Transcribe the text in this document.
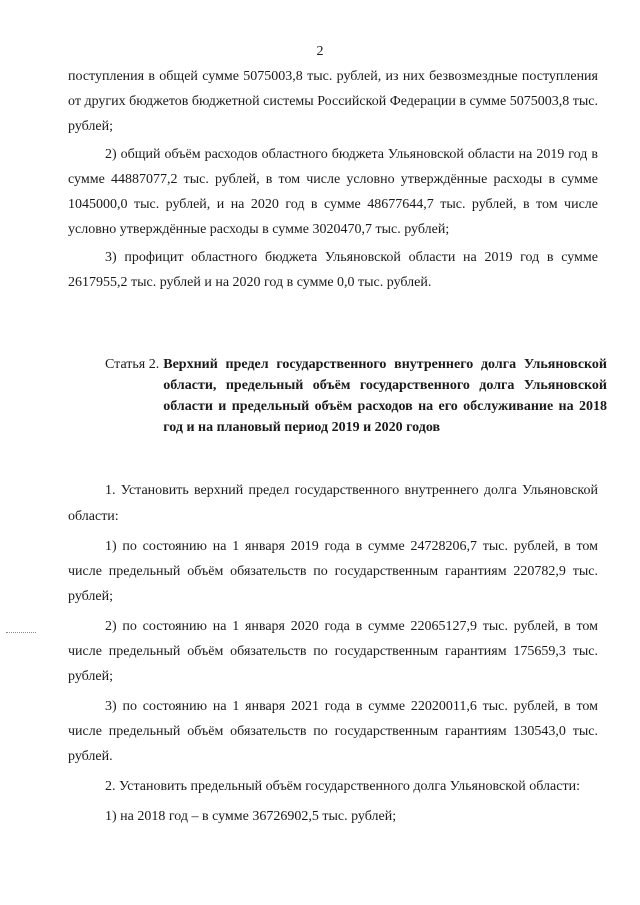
2

поступления в общей сумме 5075003,8 тыс. рублей, из них безвозмездные поступления от других бюджетов бюджетной системы Российской Федерации в сумме 5075003,8 тыс. рублей;

2) общий объём расходов областного бюджета Ульяновской области на 2019 год в сумме 44887077,2 тыс. рублей, в том числе условно утверждённые расходы в сумме 1045000,0 тыс. рублей, и на 2020 год в сумме 48677644,7 тыс. рублей, в том числе условно утверждённые расходы в сумме 3020470,7 тыс. рублей;

3) профицит областного бюджета Ульяновской области на 2019 год в сумме 2617955,2 тыс. рублей и на 2020 год в сумме 0,0 тыс. рублей.

Статья 2. Верхний предел государственного внутреннего долга Ульяновской области, предельный объём государственного долга Ульяновской области и предельный объём расходов на его обслуживание на 2018 год и на плановый период 2019 и 2020 годов

1. Установить верхний предел государственного внутреннего долга Ульяновской области:

1) по состоянию на 1 января 2019 года в сумме 24728206,7 тыс. рублей, в том числе предельный объём обязательств по государственным гарантиям 220782,9 тыс. рублей;

2) по состоянию на 1 января 2020 года в сумме 22065127,9 тыс. рублей, в том числе предельный объём обязательств по государственным гарантиям 175659,3 тыс. рублей;

3) по состоянию на 1 января 2021 года в сумме 22020011,6 тыс. рублей, в том числе предельный объём обязательств по государственным гарантиям 130543,0 тыс. рублей.

2. Установить предельный объём государственного долга Ульяновской области:

1) на 2018 год – в сумме 36726902,5 тыс. рублей;
